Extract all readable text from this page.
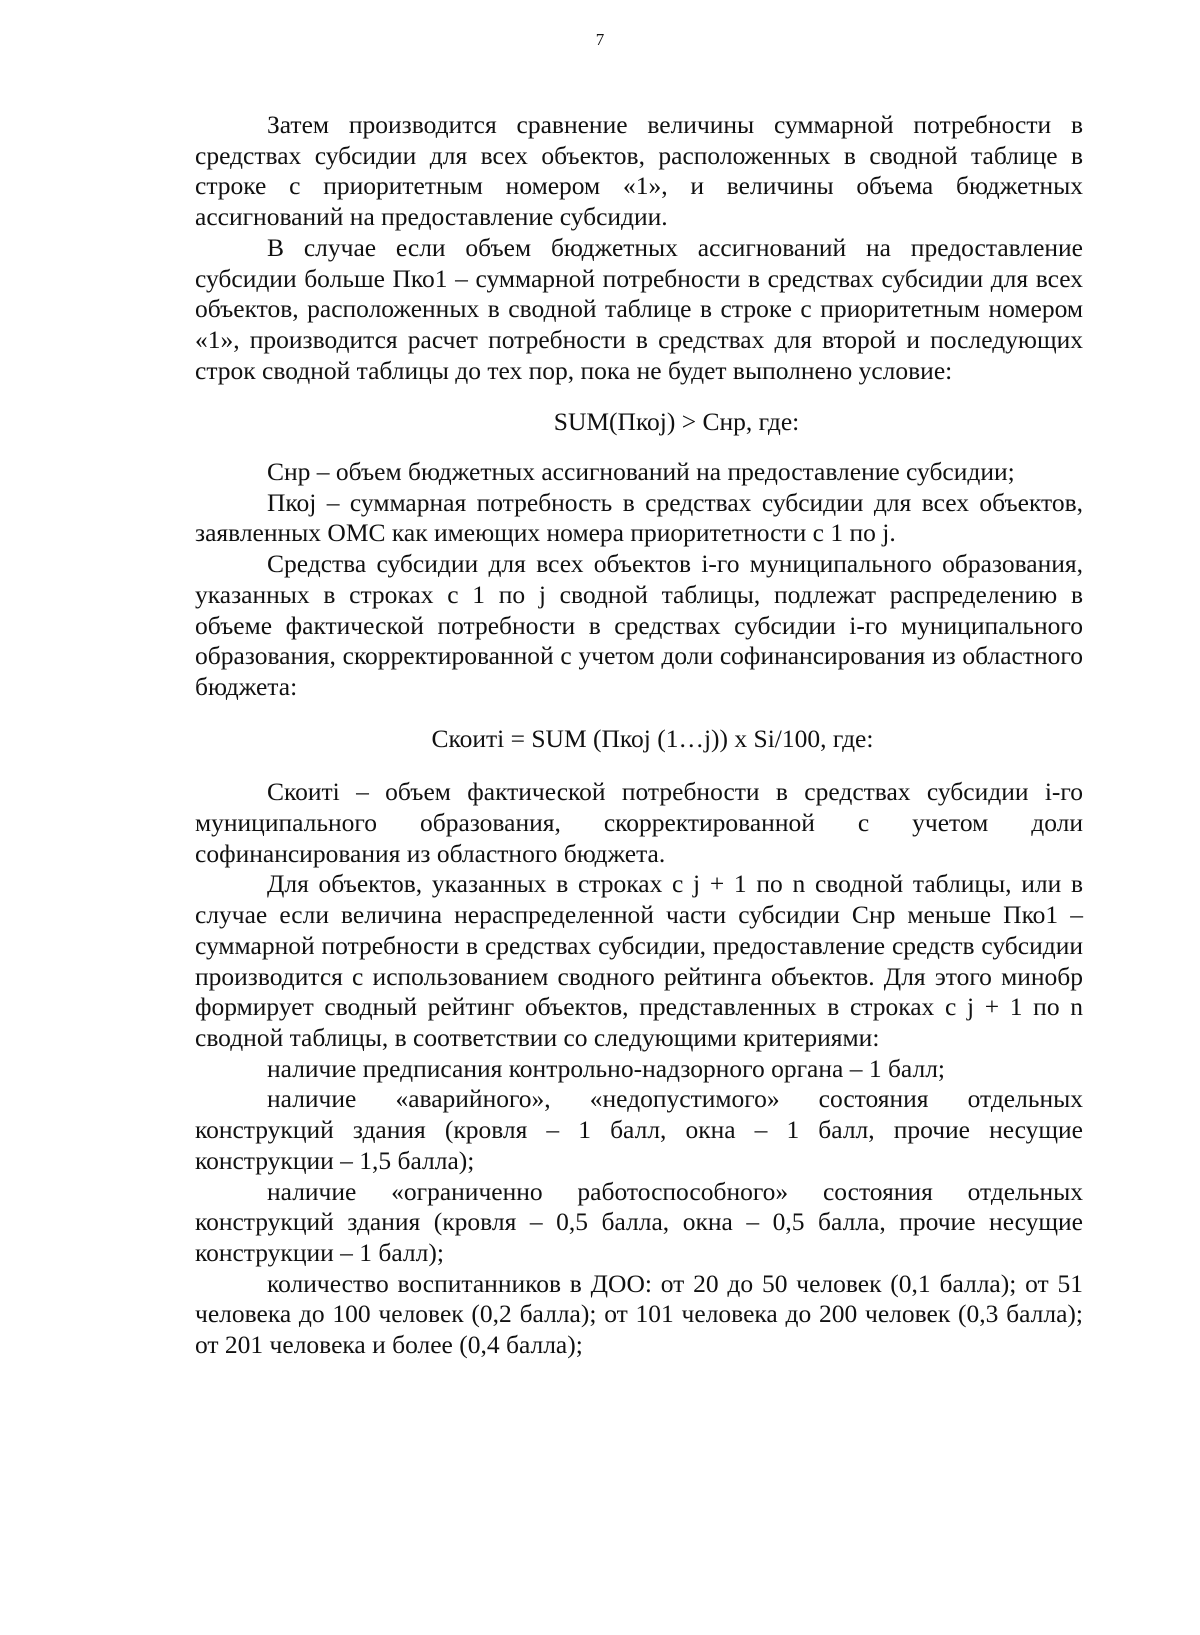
7

Затем производится сравнение величины суммарной потребности в средствах субсидии для всех объектов, расположенных в сводной таблице в строке с приоритетным номером «1», и величины объема бюджетных ассигнований на предоставление субсидии.

В случае если объем бюджетных ассигнований на предоставление субсидии больше Пко1 – суммарной потребности в средствах субсидии для всех объектов, расположенных в сводной таблице в строке с приоритетным номером «1», производится расчет потребности в средствах для второй и последующих строк сводной таблицы до тех пор, пока не будет выполнено условие:

SUM(Пкоj) > Снр, где:

Снр – объем бюджетных ассигнований на предоставление субсидии;

Пкоj – суммарная потребность в средствах субсидии для всех объектов, заявленных ОМС как имеющих номера приоритетности с 1 по j.

Средства субсидии для всех объектов i-го муниципального образования, указанных в строках с 1 по j сводной таблицы, подлежат распределению в объеме фактической потребности в средствах субсидии i-го муниципального образования, скорректированной с учетом доли софинансирования из областного бюджета:

Скоитi = SUM (Пкоj (1…j)) х Si/100, где:

Скоитi – объем фактической потребности в средствах субсидии i-го муниципального образования, скорректированной с учетом доли софинансирования из областного бюджета.

Для объектов, указанных в строках с j + 1 по n сводной таблицы, или в случае если величина нераспределенной части субсидии Снр меньше Пко1 – суммарной потребности в средствах субсидии, предоставление средств субсидии производится с использованием сводного рейтинга объектов. Для этого минобр формирует сводный рейтинг объектов, представленных в строках с j + 1 по n сводной таблицы, в соответствии со следующими критериями:

наличие предписания контрольно-надзорного органа – 1 балл;

наличие «аварийного», «недопустимого» состояния отдельных конструкций здания (кровля – 1 балл, окна – 1 балл, прочие несущие конструкции – 1,5 балла);

наличие «ограниченно работоспособного» состояния отдельных конструкций здания (кровля – 0,5 балла, окна – 0,5 балла, прочие несущие конструкции – 1 балл);

количество воспитанников в ДОО: от 20 до 50 человек (0,1 балла); от 51 человека до 100 человек (0,2 балла); от 101 человека до 200 человек (0,3 балла); от 201 человека и более (0,4 балла);
